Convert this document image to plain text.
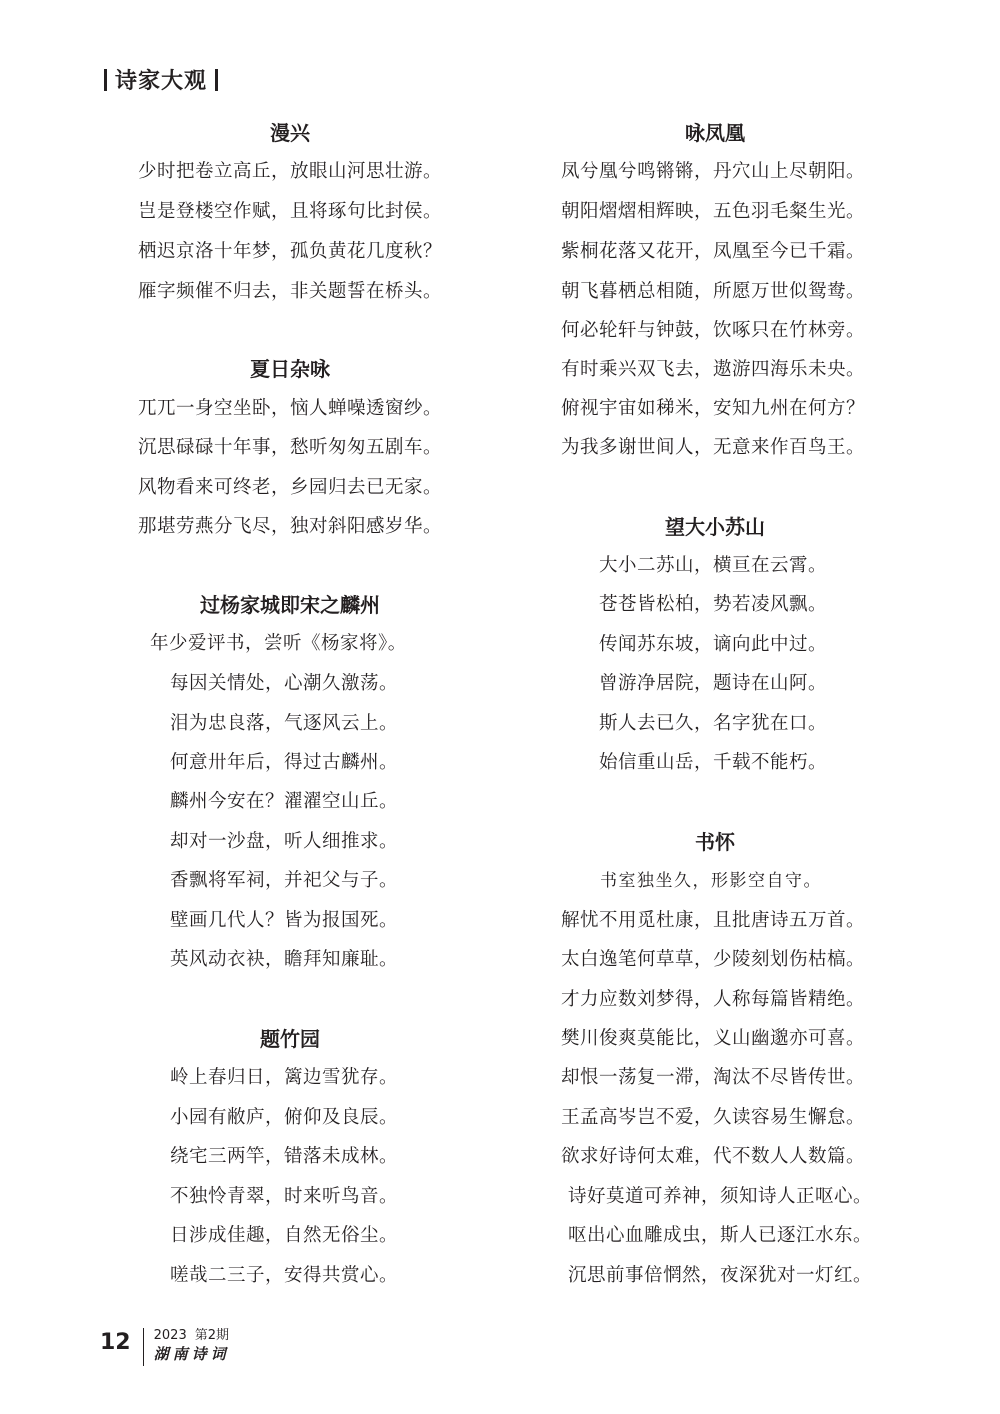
诗家大观
漫兴
少时把卷立高丘，放眼山河思壮游。
岂是登楼空作赋，且将琢句比封侯。
栖迟京洛十年梦，孤负黄花几度秋？
雁字频催不归去，非关题誓在桥头。
夏日杂咏
兀兀一身空坐卧，恼人蝉噪透窗纱。
沉思碌碌十年事，愁听匆匆五剧车。
风物看来可终老，乡园归去已无家。
那堪劳燕分飞尽，独对斜阳感岁华。
过杨家城即宋之麟州
年少爱评书，尝听《杨家将》。
每因关情处，心潮久激荡。
泪为忠良落，气逐风云上。
何意卅年后，得过古麟州。
麟州今安在？濯濯空山丘。
却对一沙盘，听人细推求。
香飘将军祠，并祀父与子。
壁画几代人？皆为报国死。
英风动衣袂，瞻拜知廉耻。
题竹园
岭上春归日，篱边雪犹存。
小园有敝庐，俯仰及良辰。
绕宅三两竿，错落未成林。
不独怜青翠，时来听鸟音。
日涉成佳趣，自然无俗尘。
嗟哉二三子，安得共赏心。
咏凤凰
凤兮凰兮鸣锵锵，丹穴山上尽朝阳。
朝阳熠熠相辉映，五色羽毛粲生光。
紫桐花落又花开，凤凰至今已千霜。
朝飞暮栖总相随，所愿万世似鸳鸯。
何必轮轩与钟鼓，饮啄只在竹林旁。
有时乘兴双飞去，遨游四海乐未央。
俯视宇宙如稊米，安知九州在何方？
为我多谢世间人，无意来作百鸟王。
望大小苏山
大小二苏山，横亘在云霄。
苍苍皆松柏，势若凌风飘。
传闻苏东坡，谪向此中过。
曾游净居院，题诗在山阿。
斯人去已久，名字犹在口。
始信重山岳，千载不能朽。
书怀
书室独坐久，形影空自守。
解忧不用觅杜康，且批唐诗五万首。
太白逸笔何草草，少陵刻划伤枯槁。
才力应数刘梦得，人称每篇皆精绝。
樊川俊爽莫能比，义山幽邈亦可喜。
却恨一荡复一滞，淘汰不尽皆传世。
王孟高岑岂不爱，久读容易生懈怠。
欲求好诗何太难，代不数人人数篇。
诗好莫道可养神，须知诗人正呕心。
呕出心血雕成虫，斯人已逐江水东。
沉思前事倍惘然，夜深犹对一灯红。
12 2023 第2期
湖南诗词
